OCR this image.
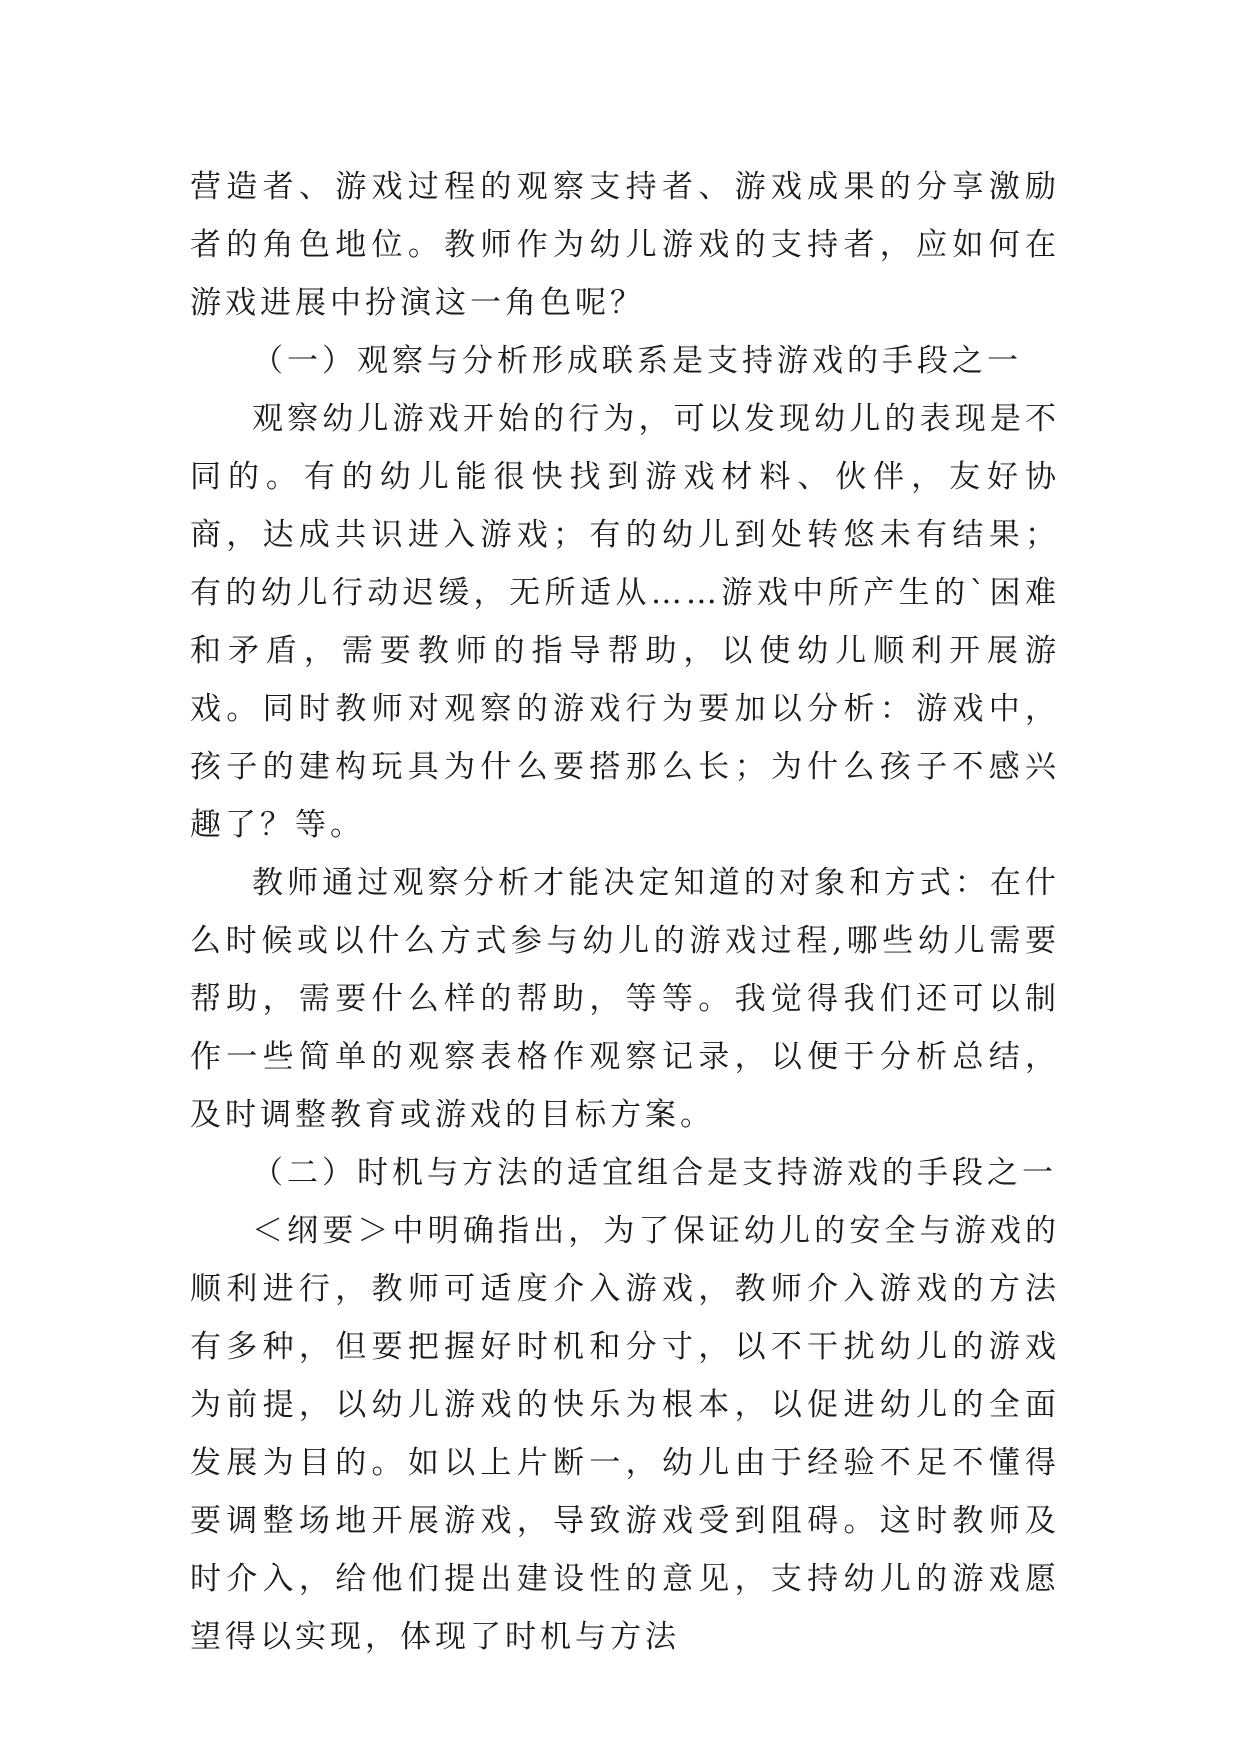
营造者、游戏过程的观察支持者、游戏成果的分享激励者的角色地位。教师作为幼儿游戏的支持者，应如何在游戏进展中扮演这一角色呢？

（一）观察与分析形成联系是支持游戏的手段之一

观察幼儿游戏开始的行为，可以发现幼儿的表现是不同的。有的幼儿能很快找到游戏材料、伙伴，友好协商，达成共识进入游戏；有的幼儿到处转悠未有结果；有的幼儿行动迟缓，无所适从……游戏中所产生的`困难和矛盾，需要教师的指导帮助，以使幼儿顺利开展游戏。同时教师对观察的游戏行为要加以分析：游戏中，孩子的建构玩具为什么要搭那么长；为什么孩子不感兴趣了？等。

教师通过观察分析才能决定知道的对象和方式：在什么时候或以什么方式参与幼儿的游戏过程,哪些幼儿需要帮助，需要什么样的帮助，等等。我觉得我们还可以制作一些简单的观察表格作观察记录，以便于分析总结，及时调整教育或游戏的目标方案。

（二）时机与方法的适宜组合是支持游戏的手段之一

＜纲要＞中明确指出，为了保证幼儿的安全与游戏的顺利进行，教师可适度介入游戏，教师介入游戏的方法有多种，但要把握好时机和分寸，以不干扰幼儿的游戏为前提，以幼儿游戏的快乐为根本，以促进幼儿的全面发展为目的。如以上片断一，幼儿由于经验不足不懂得要调整场地开展游戏，导致游戏受到阻碍。这时教师及时介入，给他们提出建设性的意见，支持幼儿的游戏愿望得以实现，体现了时机与方法
